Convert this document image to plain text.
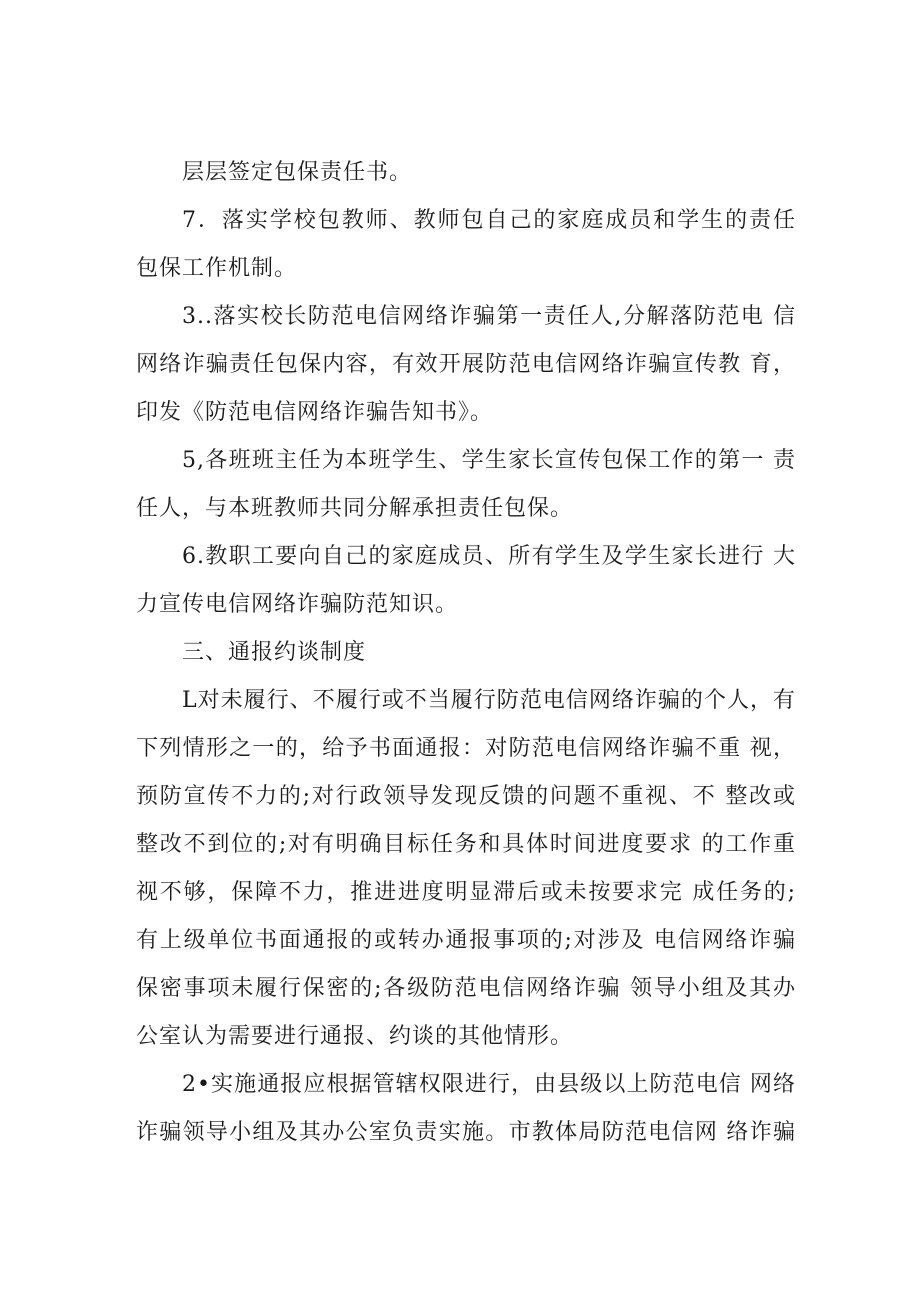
层层签定包保责任书。
7．落实学校包教师、教师包自己的家庭成员和学生的责任
包保工作机制。
3..落实校长防范电信网络诈骗第一责任人,分解落防范电 信
网络诈骗责任包保内容，有效开展防范电信网络诈骗宣传教 育，
印发《防范电信网络诈骗告知书》。
5,各班班主任为本班学生、学生家长宣传包保工作的第一 责
任人，与本班教师共同分解承担责任包保。
6.教职工要向自己的家庭成员、所有学生及学生家长进行 大
力宣传电信网络诈骗防范知识。
三、通报约谈制度
L对未履行、不履行或不当履行防范电信网络诈骗的个人，有
下列情形之一的，给予书面通报：对防范电信网络诈骗不重 视，
预防宣传不力的;对行政领导发现反馈的问题不重视、不 整改或
整改不到位的;对有明确目标任务和具体时间进度要求 的工作重
视不够，保障不力，推进进度明显滞后或未按要求完 成任务的;
有上级单位书面通报的或转办通报事项的;对涉及 电信网络诈骗
保密事项未履行保密的;各级防范电信网络诈骗 领导小组及其办
公室认为需要进行通报、约谈的其他情形。
2•实施通报应根据管辖权限进行，由县级以上防范电信 网络
诈骗领导小组及其办公室负责实施。市教体局防范电信网 络诈骗
